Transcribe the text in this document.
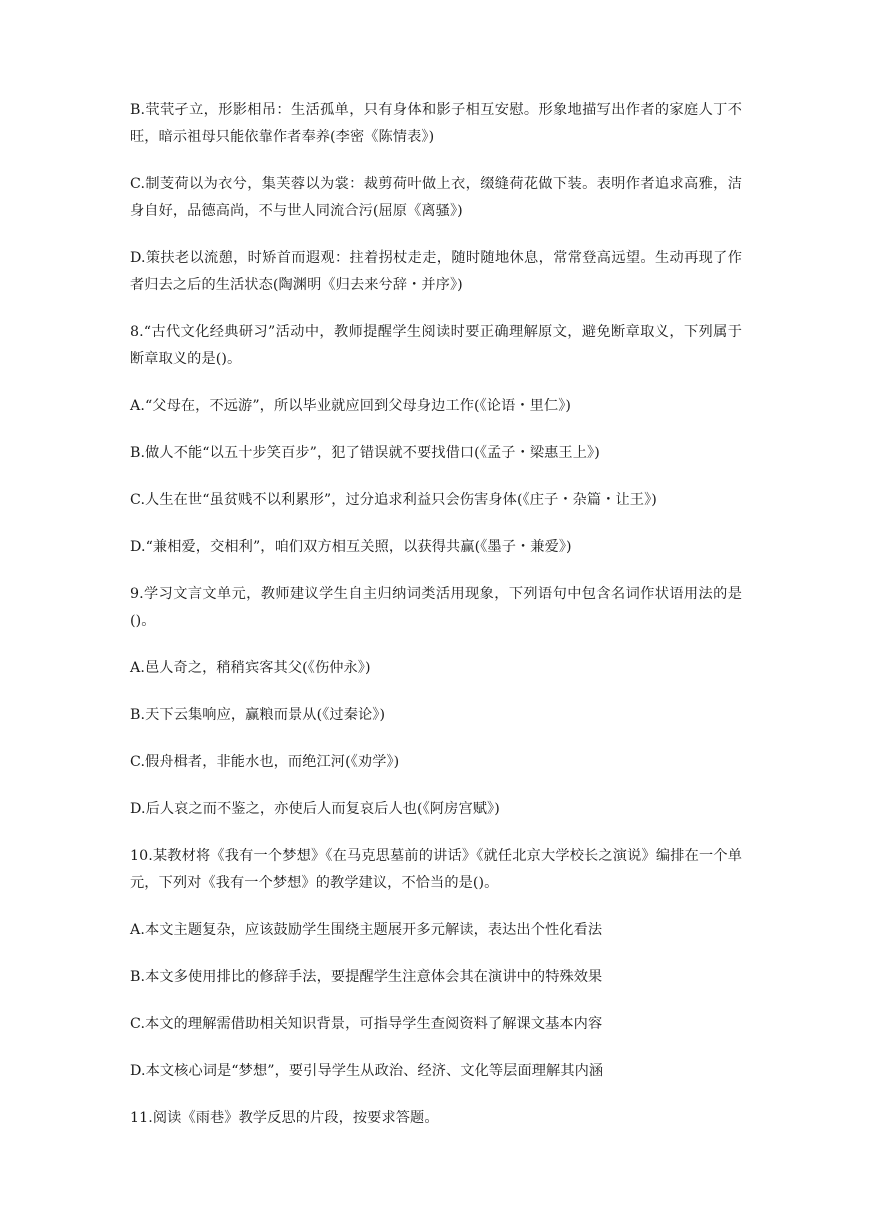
B.茕茕孑立，形影相吊：生活孤单，只有身体和影子相互安慰。形象地描写出作者的家庭人丁不旺，暗示祖母只能依靠作者奉养(李密《陈情表》)

C.制芰荷以为衣兮，集芙蓉以为裳：裁剪荷叶做上衣，缀缝荷花做下装。表明作者追求高雅，洁身自好，品德高尚，不与世人同流合污(屈原《离骚》)

D.策扶老以流憩，时矫首而遐观：拄着拐杖走走，随时随地休息，常常登高远望。生动再现了作者归去之后的生活状态(陶渊明《归去来兮辞・并序》)

8.“古代文化经典研习”活动中，教师提醒学生阅读时要正确理解原文，避免断章取义，下列属于断章取义的是()。

A.“父母在，不远游”，所以毕业就应回到父母身边工作(《论语・里仁》)

B.做人不能“以五十步笑百步”，犯了错误就不要找借口(《孟子・梁惠王上》)

C.人生在世“虽贫贱不以利累形”，过分追求利益只会伤害身体(《庄子・杂篇・让王》)

D.“兼相爱，交相利”，咱们双方相互关照，以获得共赢(《墨子・兼爱》)

9.学习文言文单元，教师建议学生自主归纳词类活用现象，下列语句中包含名词作状语用法的是()。

A.邑人奇之，稍稍宾客其父(《伤仲永》)

B.天下云集响应，赢粮而景从(《过秦论》)

C.假舟楫者，非能水也，而绝江河(《劝学》)

D.后人哀之而不鉴之，亦使后人而复哀后人也(《阿房宫赋》)

10.某教材将《我有一个梦想》《在马克思墓前的讲话》《就任北京大学校长之演说》编排在一个单元，下列对《我有一个梦想》的教学建议，不恰当的是()。

A.本文主题复杂，应该鼓励学生围绕主题展开多元解读，表达出个性化看法

B.本文多使用排比的修辞手法，要提醒学生注意体会其在演讲中的特殊效果

C.本文的理解需借助相关知识背景，可指导学生查阅资料了解课文基本内容

D.本文核心词是“梦想”，要引导学生从政治、经济、文化等层面理解其内涵

11.阅读《雨巷》教学反思的片段，按要求答题。
